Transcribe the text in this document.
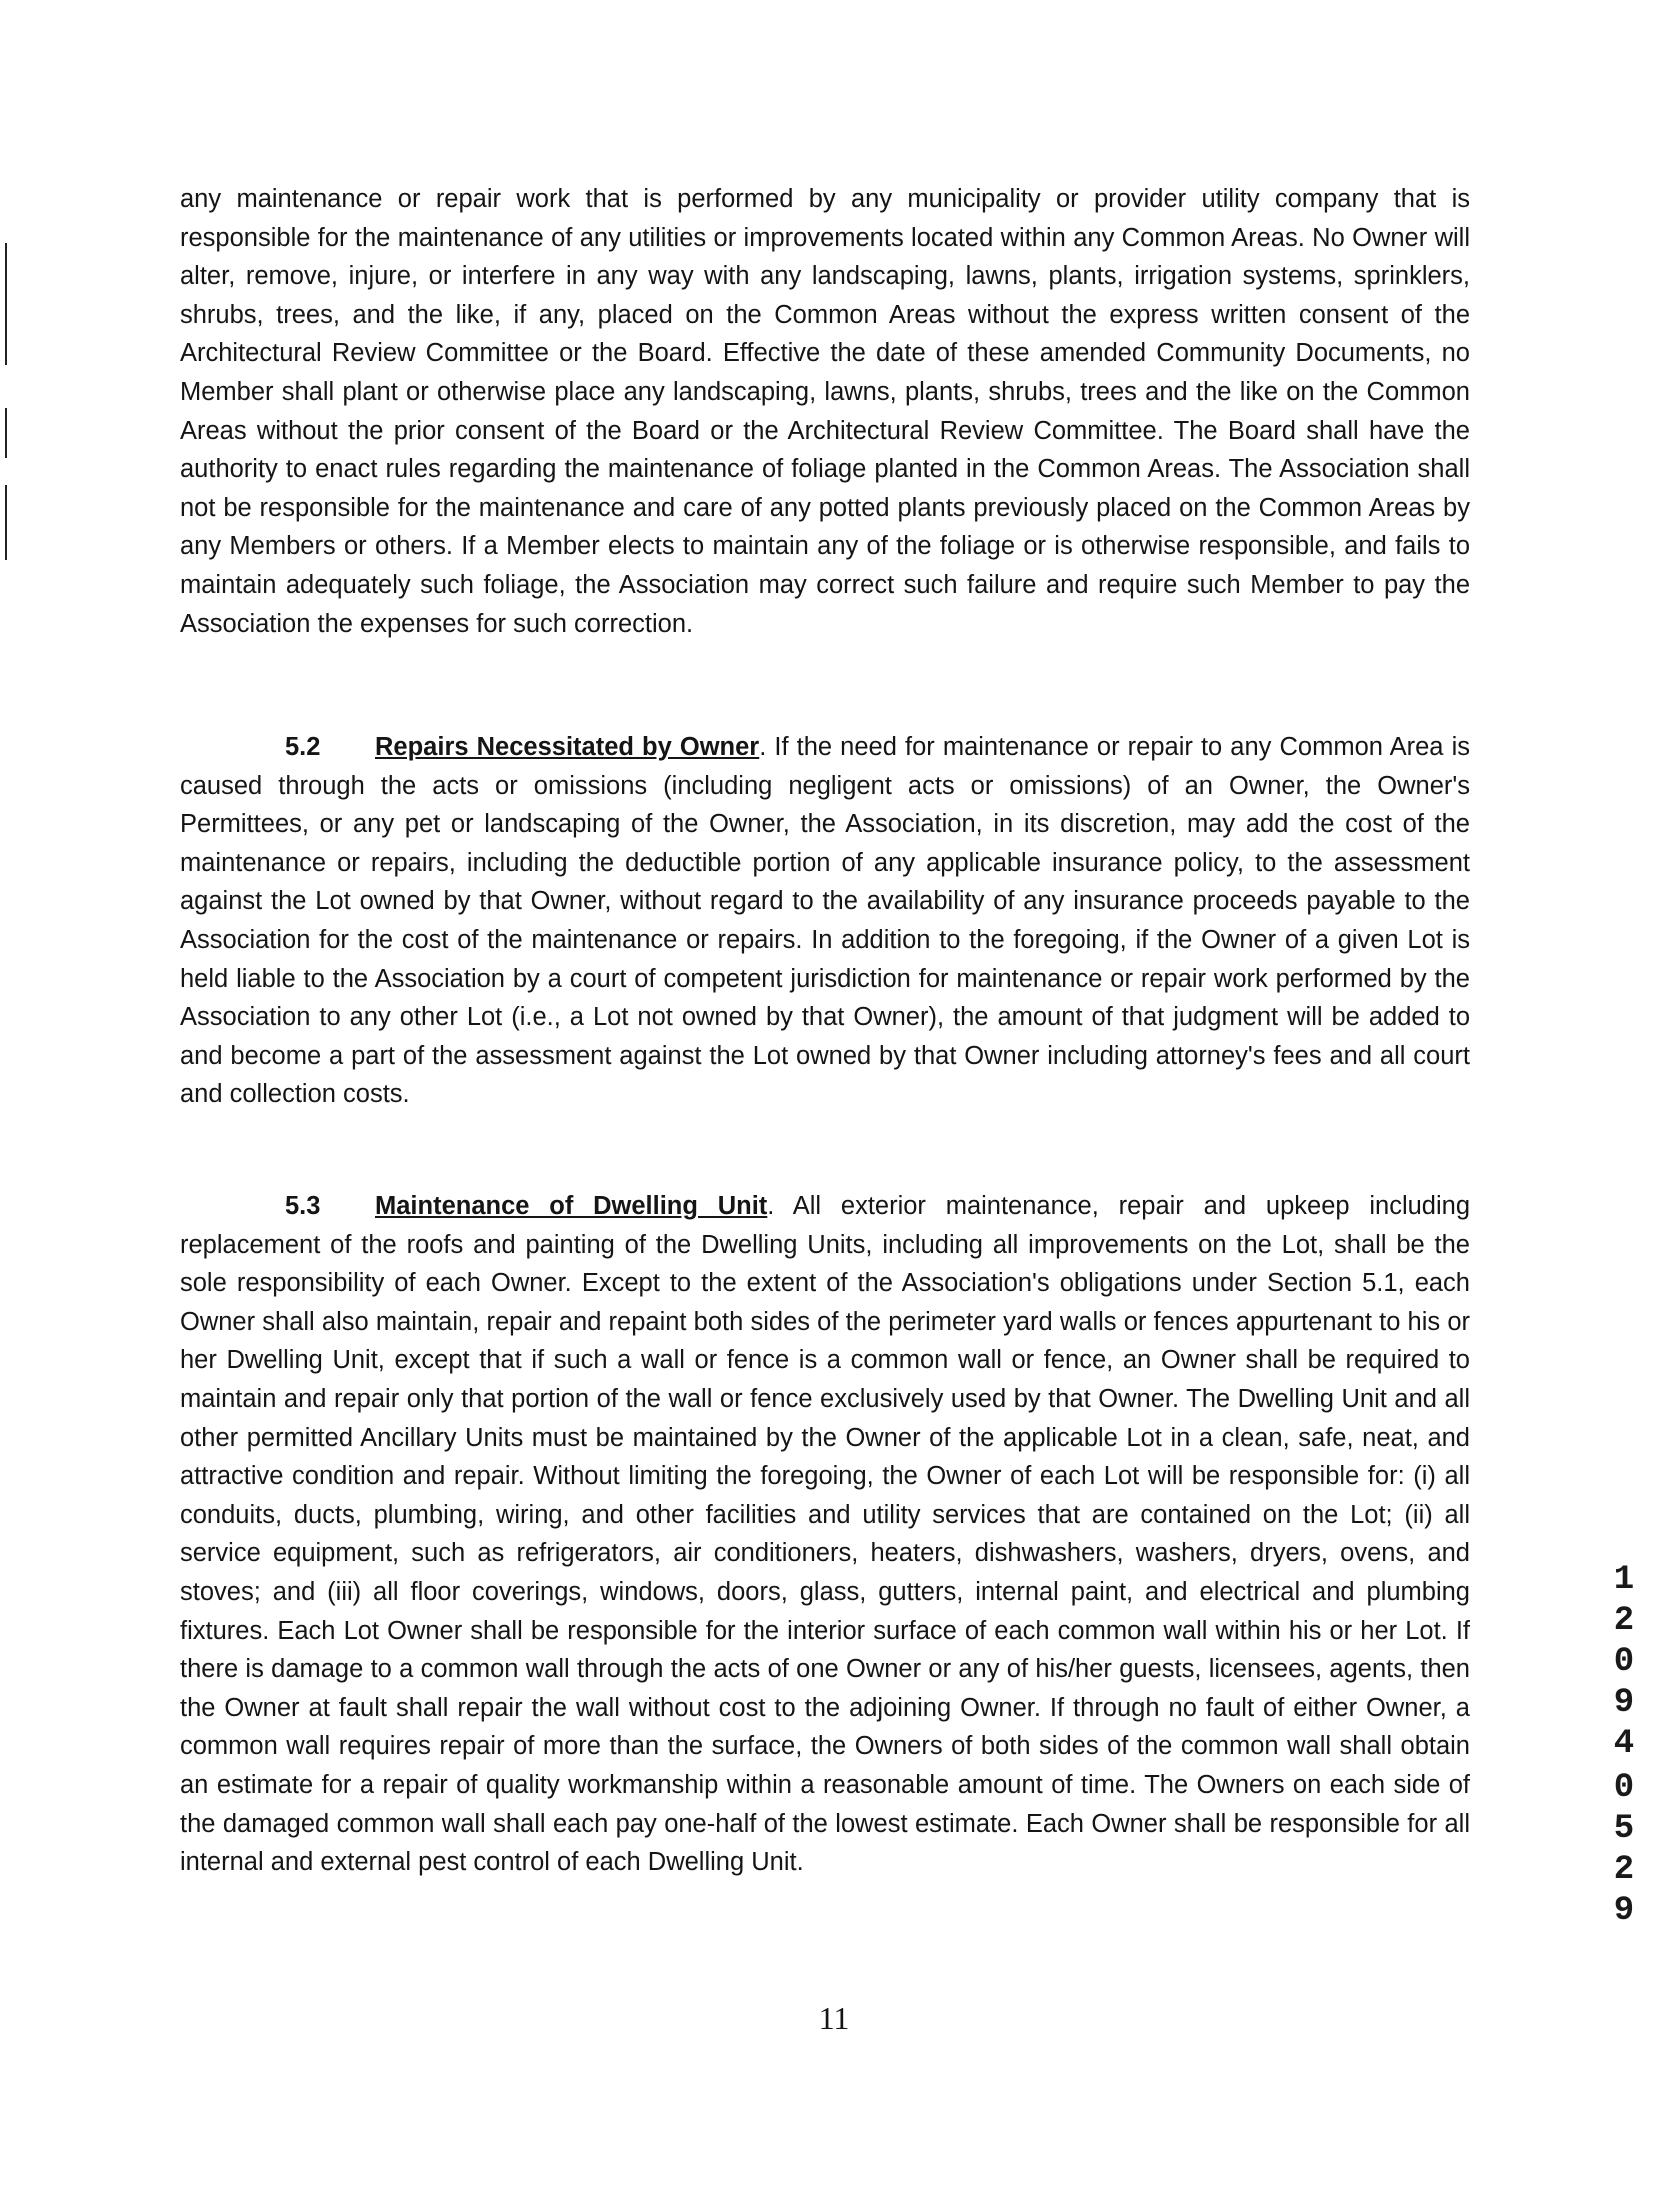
any maintenance or repair work that is performed by any municipality or provider utility company that is responsible for the maintenance of any utilities or improvements located within any Common Areas. No Owner will alter, remove, injure, or interfere in any way with any landscaping, lawns, plants, irrigation systems, sprinklers, shrubs, trees, and the like, if any, placed on the Common Areas without the express written consent of the Architectural Review Committee or the Board. Effective the date of these amended Community Documents, no Member shall plant or otherwise place any landscaping, lawns, plants, shrubs, trees and the like on the Common Areas without the prior consent of the Board or the Architectural Review Committee. The Board shall have the authority to enact rules regarding the maintenance of foliage planted in the Common Areas. The Association shall not be responsible for the maintenance and care of any potted plants previously placed on the Common Areas by any Members or others. If a Member elects to maintain any of the foliage or is otherwise responsible, and fails to maintain adequately such foliage, the Association may correct such failure and require such Member to pay the Association the expenses for such correction.

5.2 Repairs Necessitated by Owner. If the need for maintenance or repair to any Common Area is caused through the acts or omissions (including negligent acts or omissions) of an Owner, the Owner's Permittees, or any pet or landscaping of the Owner, the Association, in its discretion, may add the cost of the maintenance or repairs, including the deductible portion of any applicable insurance policy, to the assessment against the Lot owned by that Owner, without regard to the availability of any insurance proceeds payable to the Association for the cost of the maintenance or repairs. In addition to the foregoing, if the Owner of a given Lot is held liable to the Association by a court of competent jurisdiction for maintenance or repair work performed by the Association to any other Lot (i.e., a Lot not owned by that Owner), the amount of that judgment will be added to and become a part of the assessment against the Lot owned by that Owner including attorney's fees and all court and collection costs.

5.3 Maintenance of Dwelling Unit. All exterior maintenance, repair and upkeep including replacement of the roofs and painting of the Dwelling Units, including all improvements on the Lot, shall be the sole responsibility of each Owner. Except to the extent of the Association's obligations under Section 5.1, each Owner shall also maintain, repair and repaint both sides of the perimeter yard walls or fences appurtenant to his or her Dwelling Unit, except that if such a wall or fence is a common wall or fence, an Owner shall be required to maintain and repair only that portion of the wall or fence exclusively used by that Owner. The Dwelling Unit and all other permitted Ancillary Units must be maintained by the Owner of the applicable Lot in a clean, safe, neat, and attractive condition and repair. Without limiting the foregoing, the Owner of each Lot will be responsible for: (i) all conduits, ducts, plumbing, wiring, and other facilities and utility services that are contained on the Lot; (ii) all service equipment, such as refrigerators, air conditioners, heaters, dishwashers, washers, dryers, ovens, and stoves; and (iii) all floor coverings, windows, doors, glass, gutters, internal paint, and electrical and plumbing fixtures. Each Lot Owner shall be responsible for the interior surface of each common wall within his or her Lot. If there is damage to a common wall through the acts of one Owner or any of his/her guests, licensees, agents, then the Owner at fault shall repair the wall without cost to the adjoining Owner. If through no fault of either Owner, a common wall requires repair of more than the surface, the Owners of both sides of the common wall shall obtain an estimate for a repair of quality workmanship within a reasonable amount of time. The Owners on each side of the damaged common wall shall each pay one-half of the lowest estimate. Each Owner shall be responsible for all internal and external pest control of each Dwelling Unit.

1
2
0
9
4
0
5
2
9

11
